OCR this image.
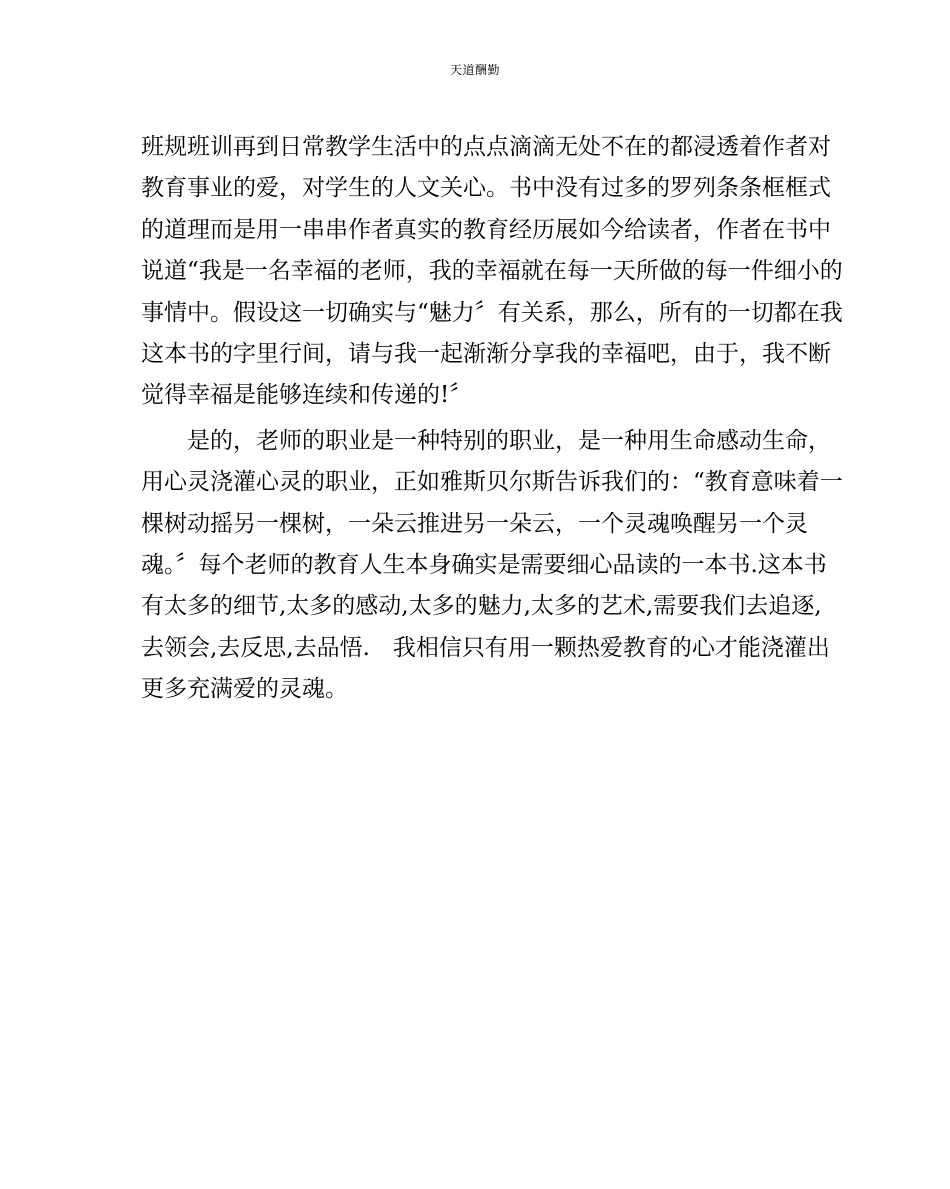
天道酬勤
班规班训再到日常教学生活中的点点滴滴无处不在的都浸透着作者对
教育事业的爱，对学生的人文关心。书中没有过多的罗列条条框框式
的道理而是用一串串作者真实的教育经历展如今给读者，作者在书中
说道“我是一名幸福的老师，我的幸福就在每一天所做的每一件细小的
事情中。假设这一切确实与“魅力〞有关系，那么，所有的一切都在我
这本书的字里行间，请与我一起渐渐分享我的幸福吧，由于，我不断
觉得幸福是能够连续和传递的!〞
是的，老师的职业是一种特别的职业，是一种用生命感动生命，
用心灵浇灌心灵的职业，正如雅斯贝尔斯告诉我们的：“教育意味着一
棵树动摇另一棵树，一朵云推进另一朵云，一个灵魂唤醒另一个灵
魂。〞每个老师的教育人生本身确实是需要细心品读的一本书.这本书
有太多的细节,太多的感动,太多的魅力,太多的艺术,需要我们去追逐,
去领会,去反思,去品悟.　我相信只有用一颗热爱教育的心才能浇灌出
更多充满爱的灵魂。
